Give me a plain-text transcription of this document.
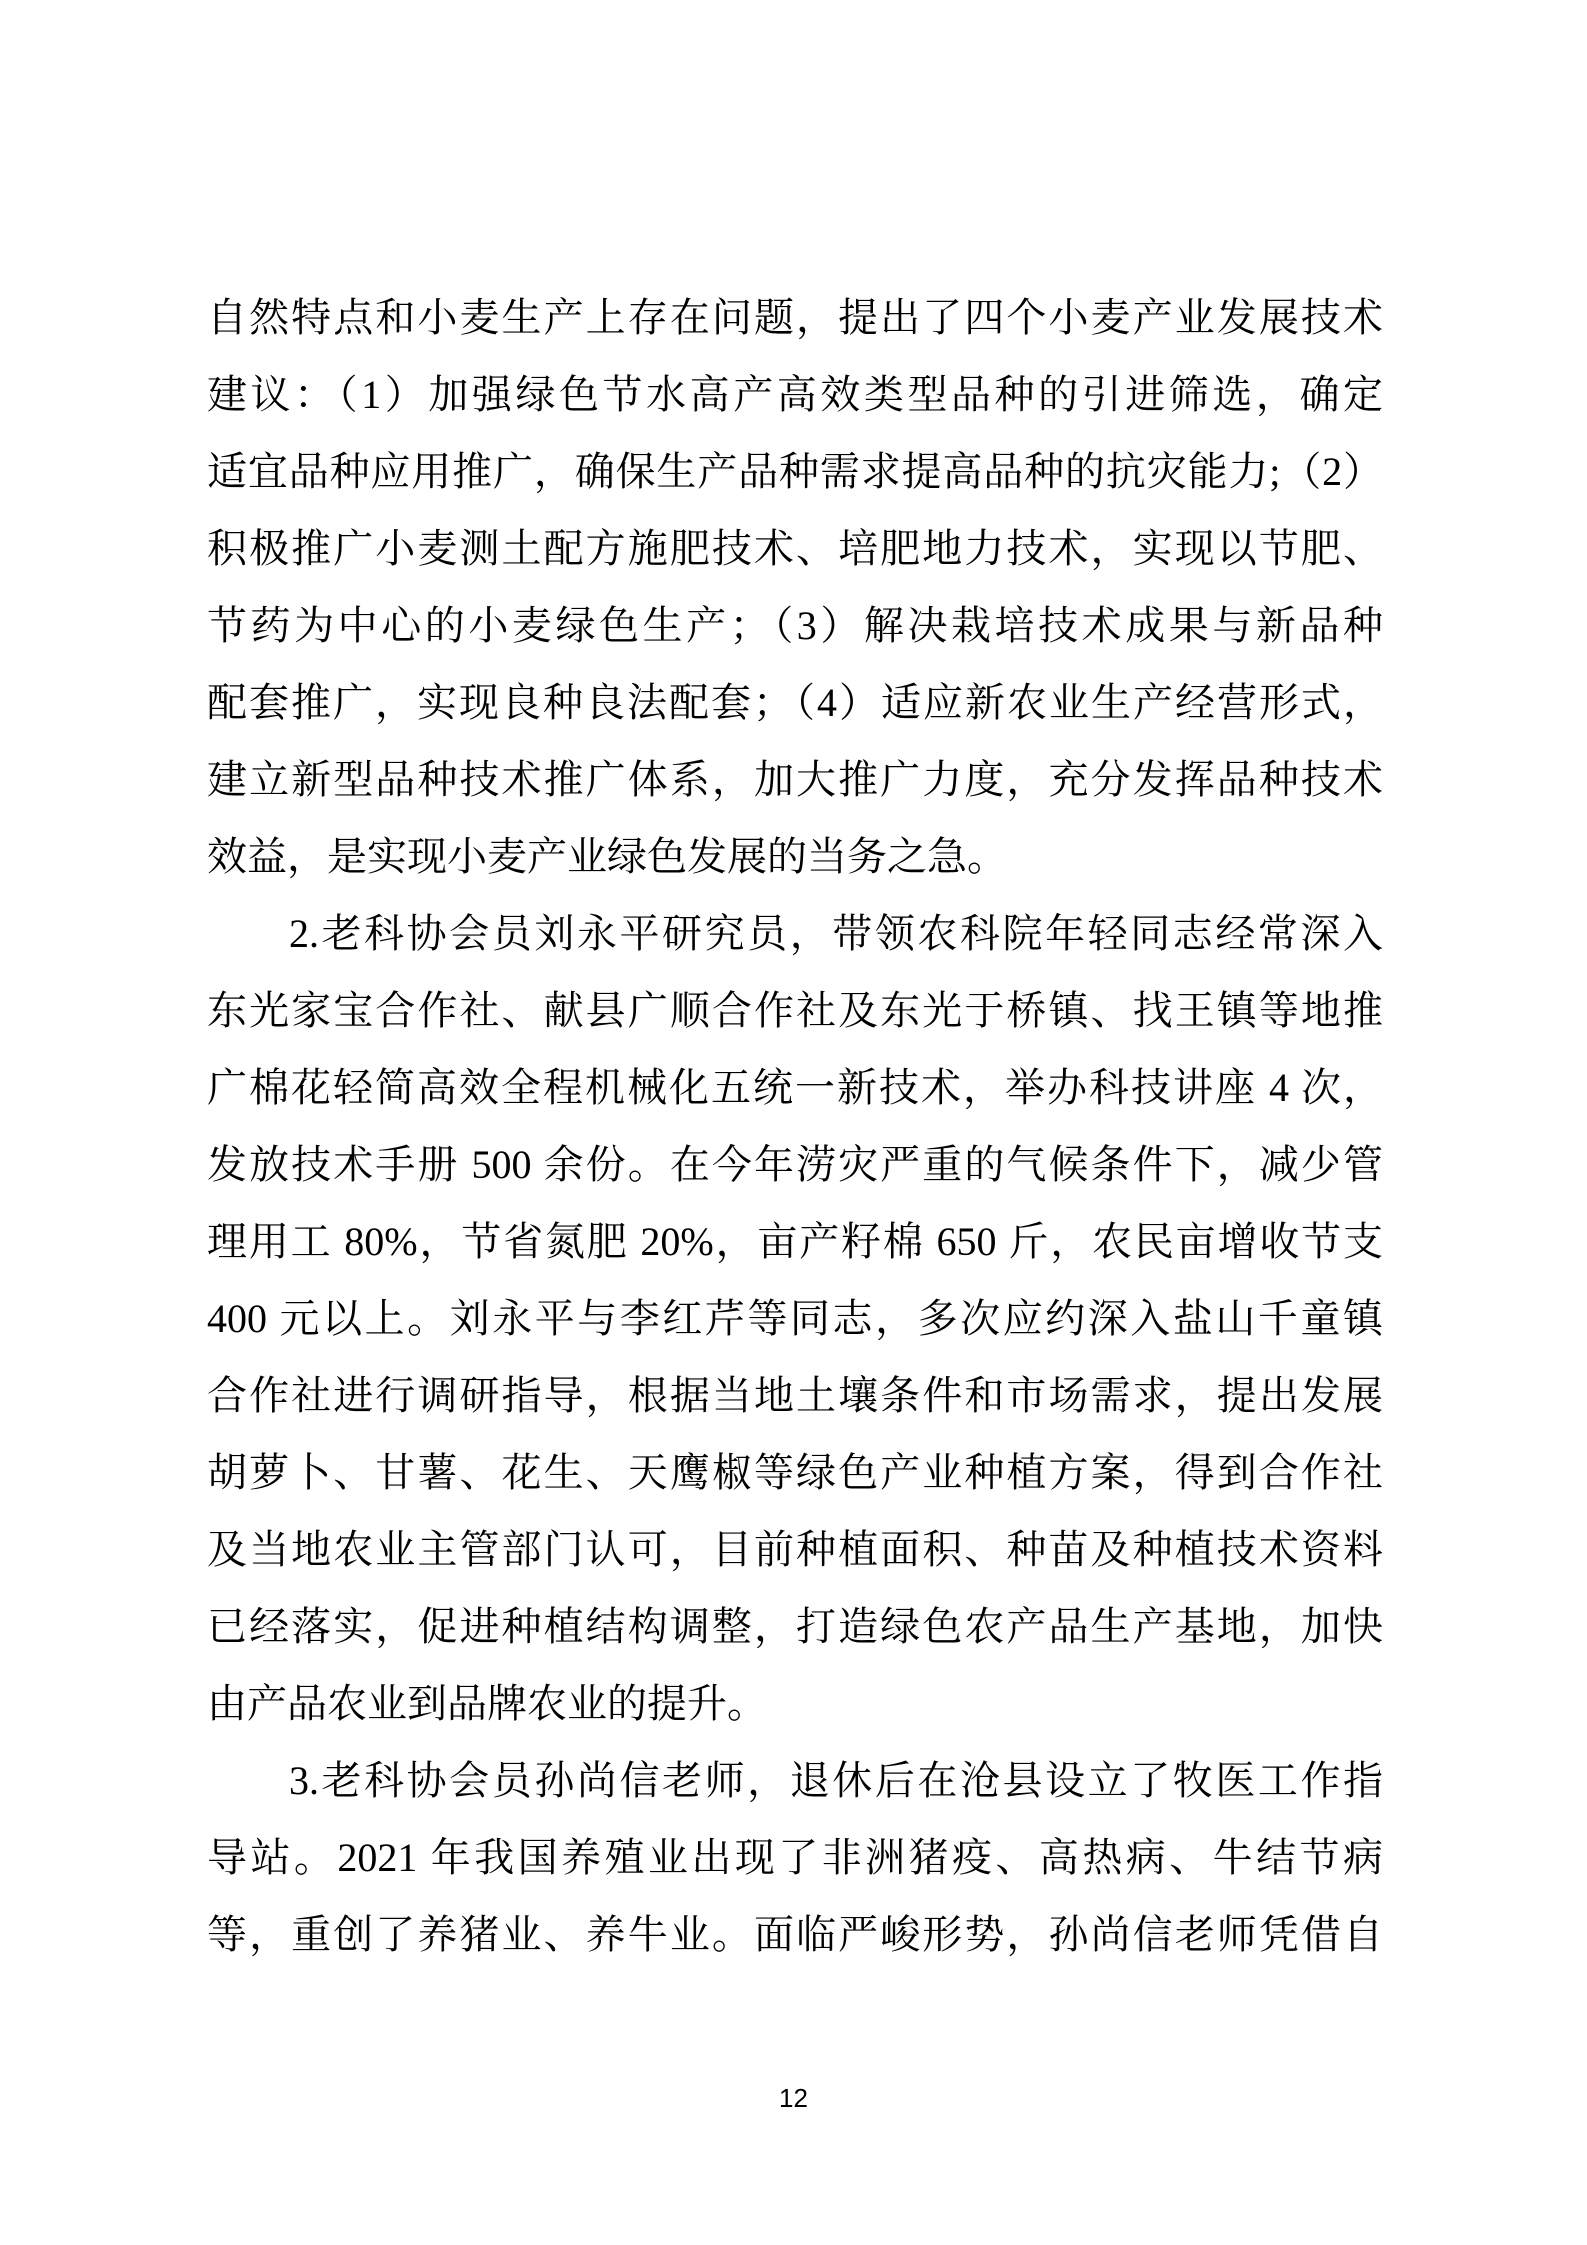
自然特点和小麦生产上存在问题，提出了四个小麦产业发展技术
建议：（1）加强绿色节水高产高效类型品种的引进筛选，确定
适宜品种应用推广，确保生产品种需求提高品种的抗灾能力;（2）
积极推广小麦测土配方施肥技术、培肥地力技术，实现以节肥、
节药为中心的小麦绿色生产；（3）解决栽培技术成果与新品种
配套推广，实现良种良法配套；（4）适应新农业生产经营形式，
建立新型品种技术推广体系，加大推广力度，充分发挥品种技术
效益，是实现小麦产业绿色发展的当务之急。
2.老科协会员刘永平研究员，带领农科院年轻同志经常深入
东光家宝合作社、献县广顺合作社及东光于桥镇、找王镇等地推
广棉花轻简高效全程机械化五统一新技术，举办科技讲座 4 次，
发放技术手册 500 余份。在今年涝灾严重的气候条件下，减少管
理用工 80%，节省氮肥 20%，亩产籽棉 650 斤，农民亩增收节支
400 元以上。刘永平与李红芹等同志，多次应约深入盐山千童镇
合作社进行调研指导，根据当地土壤条件和市场需求，提出发展
胡萝卜、甘薯、花生、天鹰椒等绿色产业种植方案，得到合作社
及当地农业主管部门认可，目前种植面积、种苗及种植技术资料
已经落实，促进种植结构调整，打造绿色农产品生产基地，加快
由产品农业到品牌农业的提升。
3.老科协会员孙尚信老师，退休后在沧县设立了牧医工作指
导站。2021 年我国养殖业出现了非洲猪疫、高热病、牛结节病
等，重创了养猪业、养牛业。面临严峻形势，孙尚信老师凭借自
12
